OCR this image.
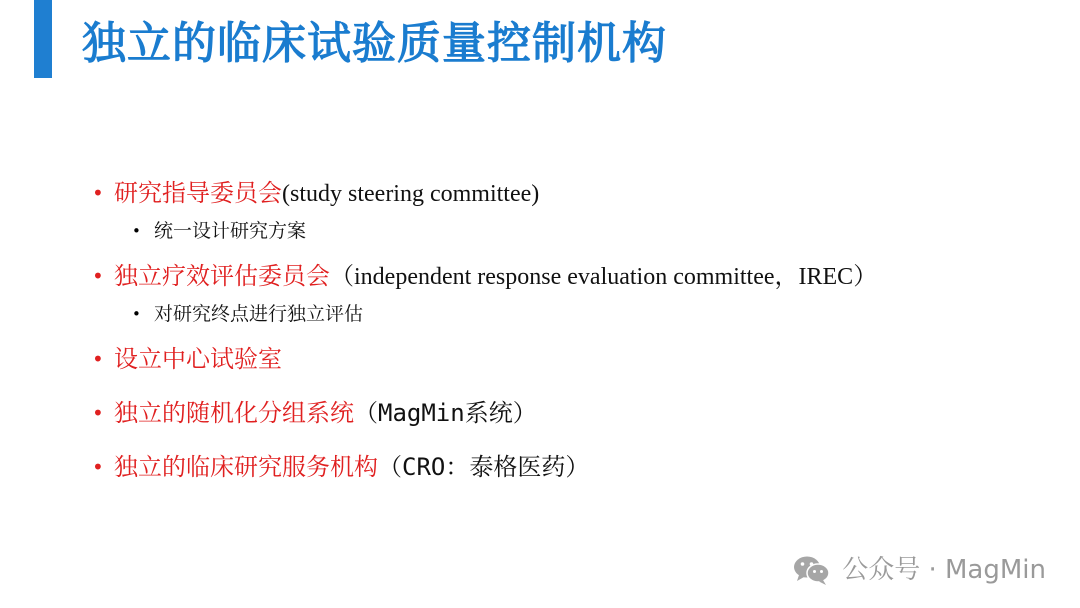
独立的临床试验质量控制机构
• 研究指导委员会(study steering committee)
• 统一设计研究方案
• 独立疗效评估委员会（independent response evaluation committee，IREC）
• 对研究终点进行独立评估
• 设立中心试验室
• 独立的随机化分组系统（MagMin系统）
• 独立的临床研究服务机构（CRO：泰格医药）
公众号 · MagMin
